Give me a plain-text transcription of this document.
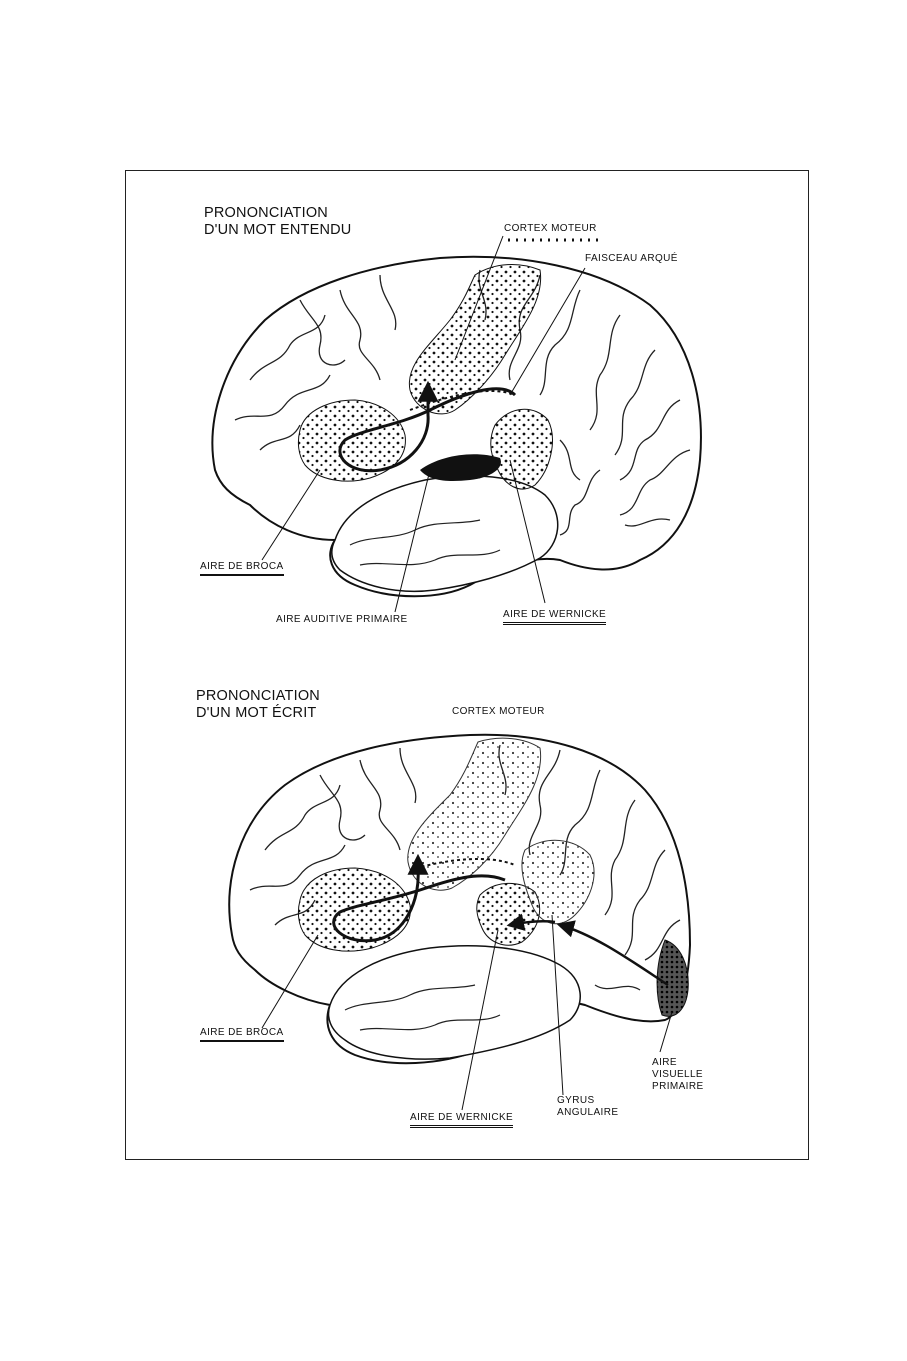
PRONONCIATION
D'UN MOT ENTENDU	CORTEX MOTEUR
FAISCEAU ARQUÉ
AIRE DE BROCA
AIRE AUDITIVE PRIMAIRE	AIRE DE WERNICKE
PRONONCIATION
D'UN MOT ÉCRIT	CORTEX MOTEUR
AIRE DE BROCA
AIRE DE WERNICKE
GYRUS
ANGULAIRE
AIRE
VISUELLE
PRIMAIRE
